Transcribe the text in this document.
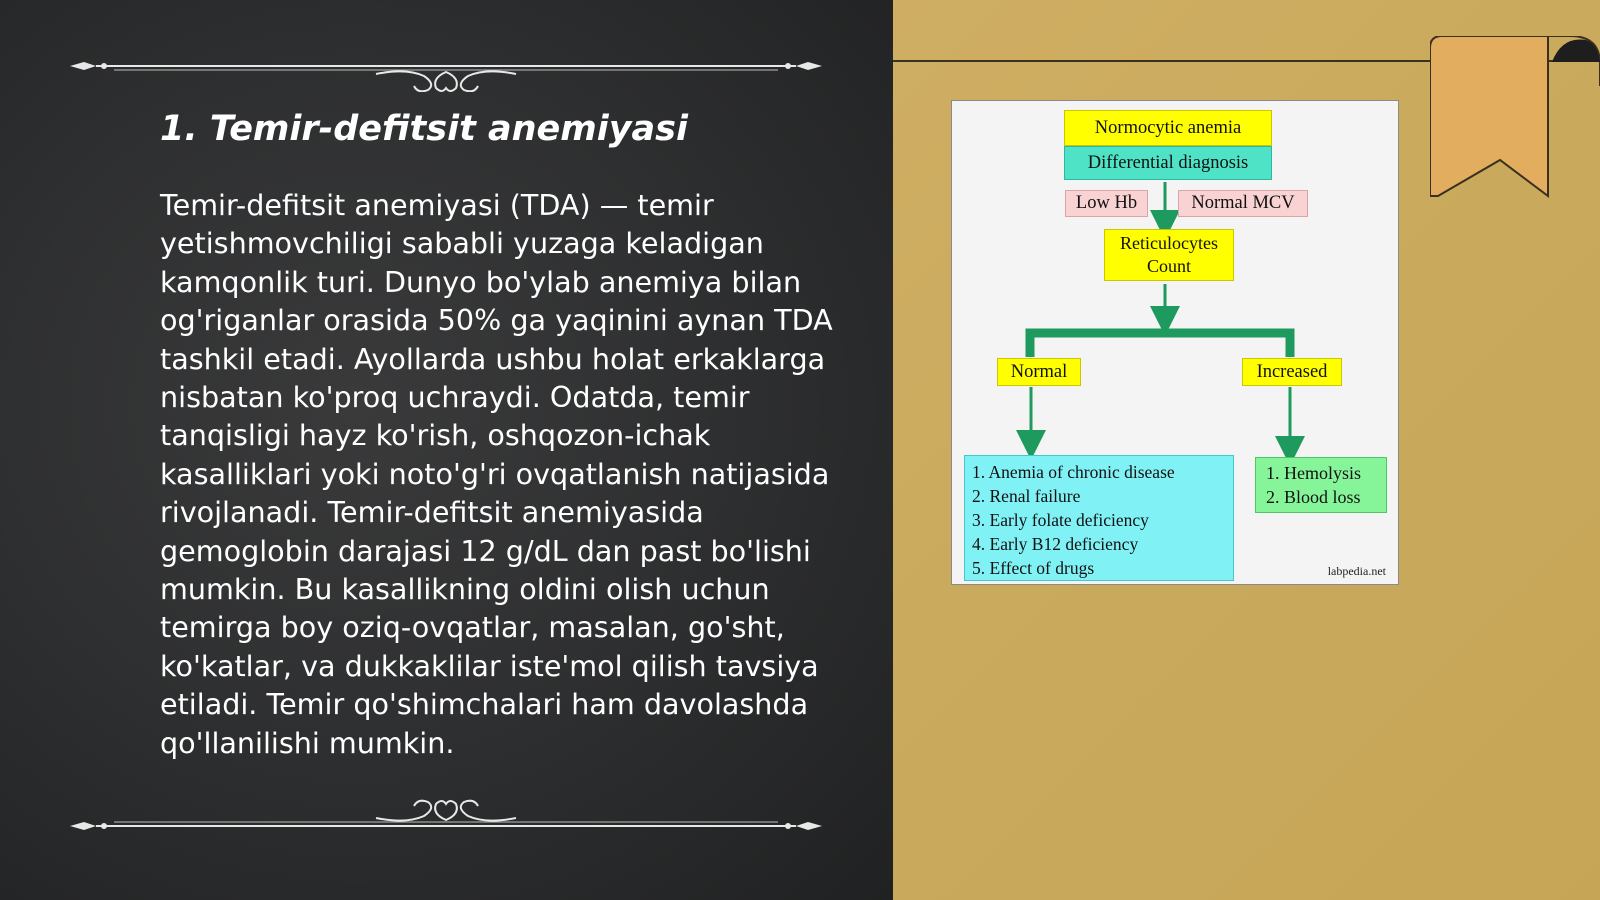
1. Temir-defitsit anemiyasi

Temir-defitsit anemiyasi (TDA) — temir yetishmovchiligi sababli yuzaga keladigan kamqonlik turi. Dunyo bo'ylab anemiya bilan og'riganlar orasida 50% ga yaqinini aynan TDA tashkil etadi. Ayollarda ushbu holat erkaklarga nisbatan ko'proq uchraydi. Odatda, temir tanqisligi hayz ko'rish, oshqozon-ichak kasalliklari yoki noto'g'ri ovqatlanish natijasida rivojlanadi. Temir-defitsit anemiyasida gemoglobin darajasi 12 g/dL dan past bo'lishi mumkin. Bu kasallikning oldini olish uchun temirga boy oziq-ovqatlar, masalan, go'sht, ko'katlar, va dukkaklilar iste'mol qilish tavsiya etiladi. Temir qo'shimchalari ham davolashda qo'llanilishi mumkin.

Normocytic anemia
Differential diagnosis
Low Hb	Normal MCV
Reticulocytes Count
Normal	Increased
1. Anemia of chronic disease
2. Renal failure
3. Early folate deficiency
4. Early B12 deficiency
5. Effect of drugs
1. Hemolysis
2. Blood loss
labpedia.net
